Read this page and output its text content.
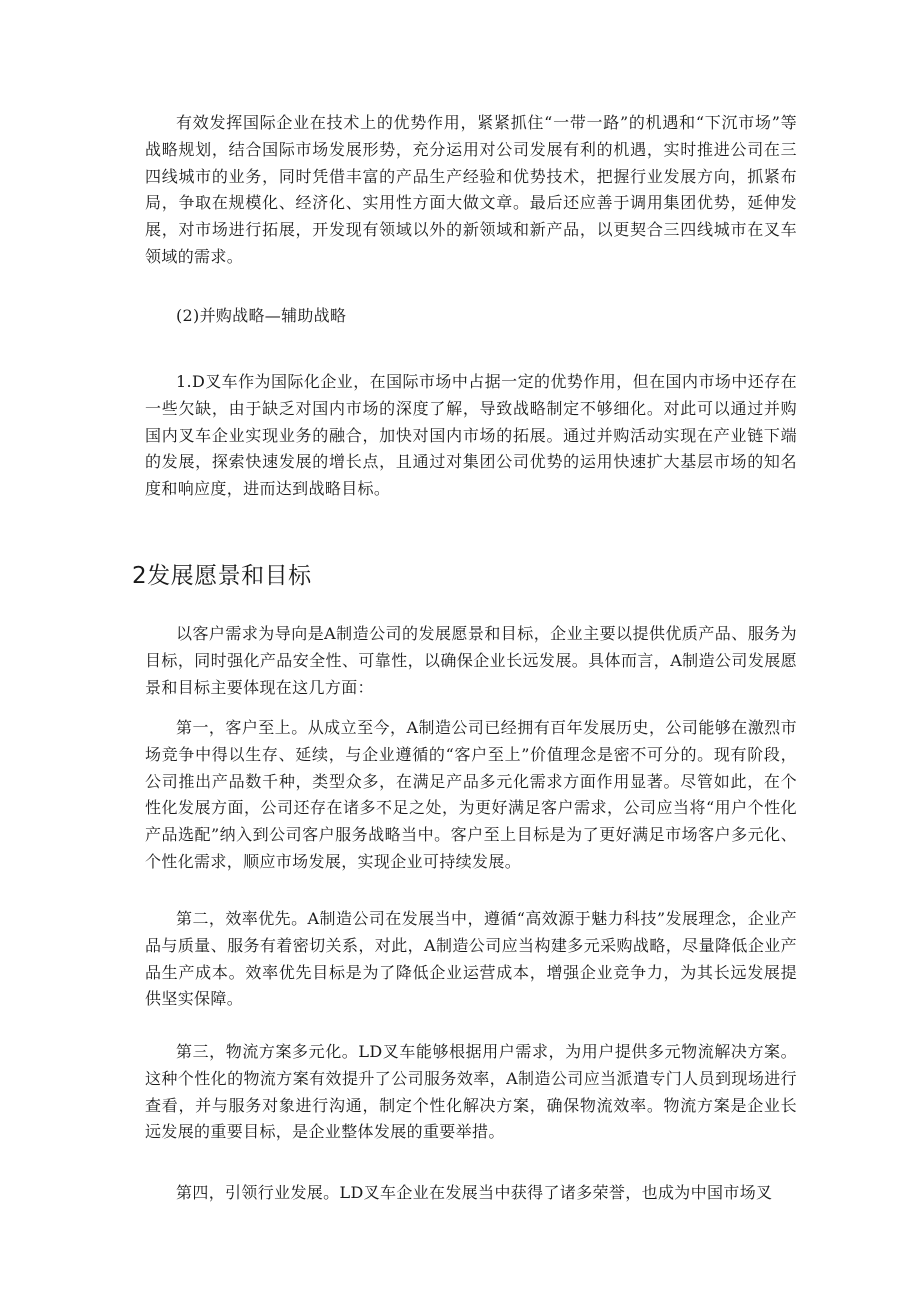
有效发挥国际企业在技术上的优势作用，紧紧抓住“一带一路”的机遇和“下沉市场”等战略规划，结合国际市场发展形势，充分运用对公司发展有利的机遇，实时推进公司在三四线城市的业务，同时凭借丰富的产品生产经验和优势技术，把握行业发展方向，抓紧布局，争取在规模化、经济化、实用性方面大做文章。最后还应善于调用集团优势，延伸发展，对市场进行拓展，开发现有领域以外的新领域和新产品，以更契合三四线城市在叉车领域的需求。

(2)并购战略—辅助战略

1.D叉车作为国际化企业，在国际市场中占据一定的优势作用，但在国内市场中还存在一些欠缺，由于缺乏对国内市场的深度了解，导致战略制定不够细化。对此可以通过并购国内叉车企业实现业务的融合，加快对国内市场的拓展。通过并购活动实现在产业链下端的发展，探索快速发展的增长点，且通过对集团公司优势的运用快速扩大基层市场的知名度和响应度，进而达到战略目标。

2发展愿景和目标

以客户需求为导向是A制造公司的发展愿景和目标，企业主要以提供优质产品、服务为目标，同时强化产品安全性、可靠性，以确保企业长远发展。具体而言，A制造公司发展愿景和目标主要体现在这几方面：

第一，客户至上。从成立至今，A制造公司已经拥有百年发展历史，公司能够在激烈市场竞争中得以生存、延续，与企业遵循的“客户至上”价值理念是密不可分的。现有阶段，公司推出产品数千种，类型众多，在满足产品多元化需求方面作用显著。尽管如此，在个性化发展方面，公司还存在诸多不足之处，为更好满足客户需求，公司应当将“用户个性化产品选配”纳入到公司客户服务战略当中。客户至上目标是为了更好满足市场客户多元化、个性化需求，顺应市场发展，实现企业可持续发展。

第二，效率优先。A制造公司在发展当中，遵循“高效源于魅力科技”发展理念，企业产品与质量、服务有着密切关系，对此，A制造公司应当构建多元采购战略，尽量降低企业产品生产成本。效率优先目标是为了降低企业运营成本，增强企业竞争力，为其长远发展提供坚实保障。

第三，物流方案多元化。LD叉车能够根据用户需求，为用户提供多元物流解决方案。这种个性化的物流方案有效提升了公司服务效率，A制造公司应当派遣专门人员到现场进行查看，并与服务对象进行沟通，制定个性化解决方案，确保物流效率。物流方案是企业长远发展的重要目标，是企业整体发展的重要举措。

第四，引领行业发展。LD叉车企业在发展当中获得了诸多荣誉，也成为中国市场叉
